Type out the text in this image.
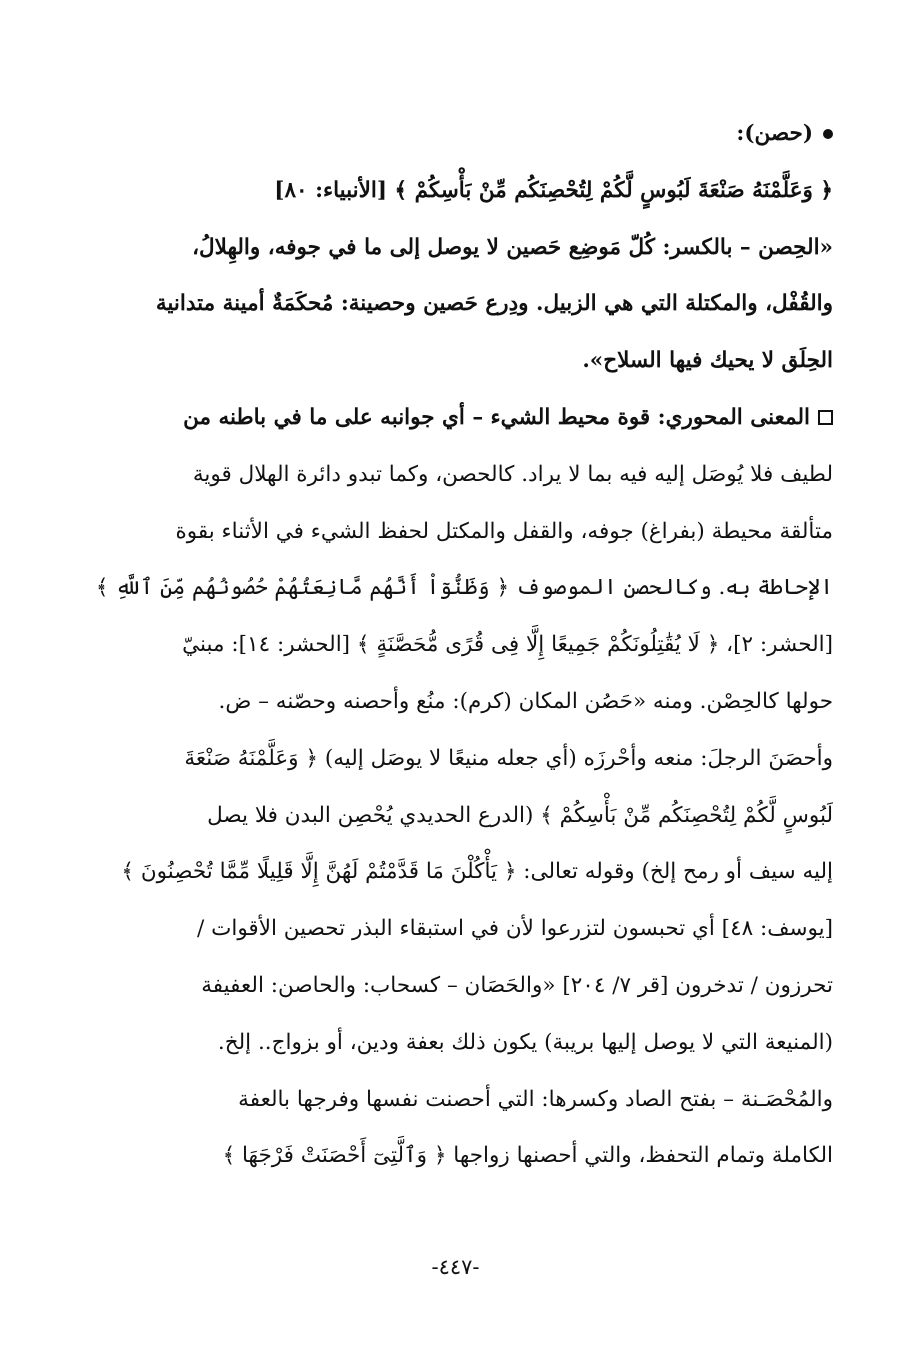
(حصن):
﴿ وَعَلَّمْنَهُ صَنْعَةَ لَبُوسٍ لَّكُمْ لِتُحْصِنَكُم مِّنْ بَأْسِكُمْ ﴾ [الأنبياء: ٨٠]
«الحِصن – بالكسر: كُلّ مَوضِع حَصين لا يوصل إلى ما في جوفه، والهِلالُ،
والقُفْل، والمكتلة التي هي الزبيل. ودِرع حَصين وحصينة: مُحكَمَةٌ أمينة متدانية
الحِلَق لا يحيك فيها السلاح».
المعنى المحوري: قوة محيط الشيء – أي جوانبه على ما في باطنه من
لطيف فلا يُوصَل إليه فيه بما لا يراد. كالحصن، وكما تبدو دائرة الهلال قوية
متألقة محيطة (بفراغ) جوفه، والقفل والمكتل لحفظ الشيء في الأثناء بقوة
الإحاطة به. وكالحصن الموصوف ﴿ وَظَنُّوٓاْ أَنَّهُم مَّانِعَتُهُمْ حُصُونُهُم مِّنَ ٱللَّهِ ﴾
[الحشر: ٢]، ﴿ لَا يُقَٰتِلُونَكُمْ جَمِيعًا إِلَّا فِى قُرًى مُّحَصَّنَةٍ ﴾ [الحشر: ١٤]: مبنيّ
حولها كالحِصْن. ومنه «حَصُن المكان (كرم): منُع وأحصنه وحصّنه – ض.
وأحصَنَ الرجلَ: منعه وأحْرزَه (أي جعله منيعًا لا يوصَل إليه) ﴿ وَعَلَّمْنَهُ صَنْعَةَ
لَبُوسٍ لَّكُمْ لِتُحْصِنَكُم مِّنْ بَأْسِكُمْ ﴾ (الدرع الحديدي يُحْصِن البدن فلا يصل
إليه سيف أو رمح إلخ) وقوله تعالى: ﴿ يَأْكُلْنَ مَا قَدَّمْتُمْ لَهُنَّ إِلَّا قَلِيلًا مِّمَّا تُحْصِنُونَ ﴾
[يوسف: ٤٨] أي تحبسون لتزرعوا لأن في استبقاء البذر تحصين الأقوات /
تحرزون / تدخرون [قر ٧/ ٢٠٤] «والحَصَان – كسحاب: والحاصن: العفيفة
(المنيعة التي لا يوصل إليها بريبة) يكون ذلك بعفة ودين، أو بزواج.. إلخ.
والمُحْصَـنة – بفتح الصاد وكسرها: التي أحصنت نفسها وفرجها بالعفة
الكاملة وتمام التحفظ، والتي أحصنها زواجها ﴿ وَٱلَّتِىٓ أَحْصَنَتْ فَرْجَهَا ﴾
-٤٤٧-
